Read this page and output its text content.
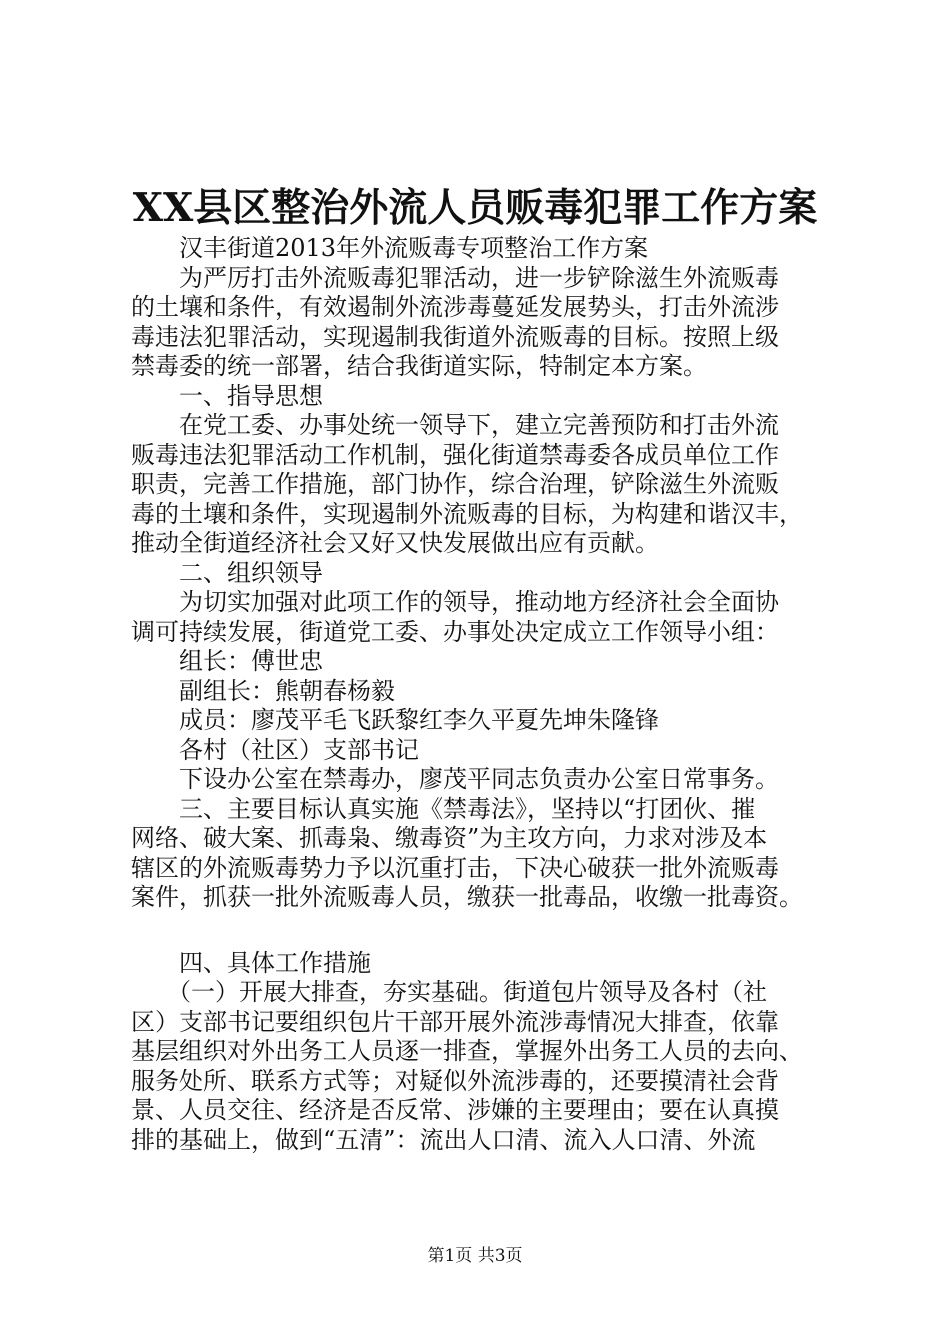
XX县区整治外流人员贩毒犯罪工作方案
汉丰街道2013年外流贩毒专项整治工作方案
为严厉打击外流贩毒犯罪活动，进一步铲除滋生外流贩毒
的土壤和条件，有效遏制外流涉毒蔓延发展势头，打击外流涉
毒违法犯罪活动，实现遏制我街道外流贩毒的目标。按照上级
禁毒委的统一部署，结合我街道实际，特制定本方案。
一、指导思想
在党工委、办事处统一领导下，建立完善预防和打击外流
贩毒违法犯罪活动工作机制，强化街道禁毒委各成员单位工作
职责，完善工作措施，部门协作，综合治理，铲除滋生外流贩
毒的土壤和条件，实现遏制外流贩毒的目标，为构建和谐汉丰，
推动全街道经济社会又好又快发展做出应有贡献。
二、组织领导
为切实加强对此项工作的领导，推动地方经济社会全面协
调可持续发展，街道党工委、办事处决定成立工作领导小组：
组长：傅世忠
副组长：熊朝春杨毅
成员：廖茂平毛飞跃黎红李久平夏先坤朱隆锋
各村（社区）支部书记
下设办公室在禁毒办，廖茂平同志负责办公室日常事务。
三、主要目标认真实施《禁毒法》，坚持以“打团伙、摧
网络、破大案、抓毒枭、缴毒资”为主攻方向，力求对涉及本
辖区的外流贩毒势力予以沉重打击，下决心破获一批外流贩毒
案件，抓获一批外流贩毒人员，缴获一批毒品，收缴一批毒资。
四、具体工作措施
（一）开展大排查，夯实基础。街道包片领导及各村（社
区）支部书记要组织包片干部开展外流涉毒情况大排查，依靠
基层组织对外出务工人员逐一排查，掌握外出务工人员的去向、
服务处所、联系方式等；对疑似外流涉毒的，还要摸清社会背
景、人员交往、经济是否反常、涉嫌的主要理由；要在认真摸
排的基础上，做到“五清”：流出人口清、流入人口清、外流
第1页 共3页
